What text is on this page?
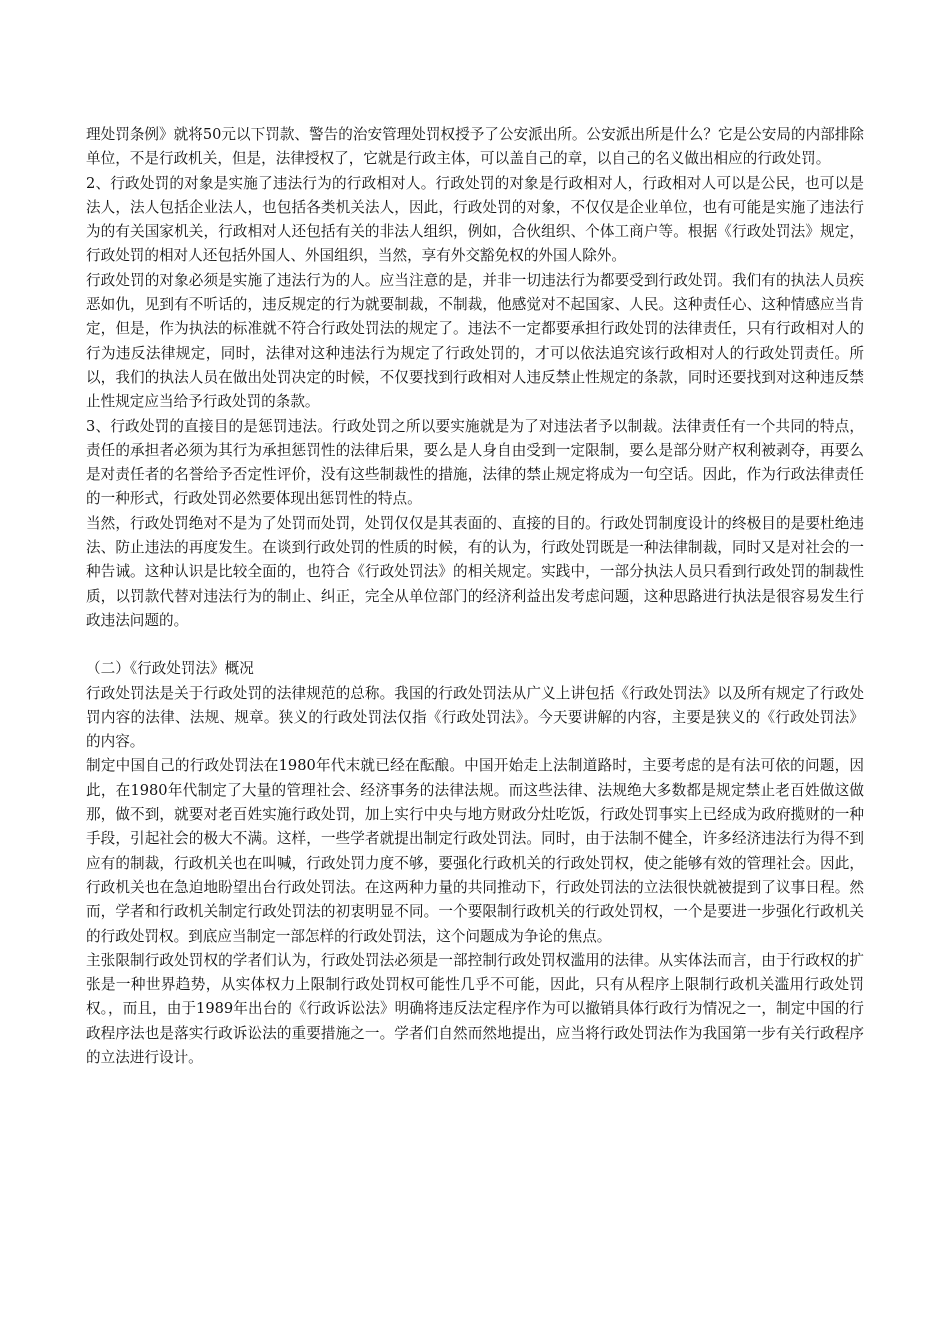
理处罚条例》就将50元以下罚款、警告的治安管理处罚权授予了公安派出所。公安派出所是什么？它是公安局的内部排除单位，不是行政机关，但是，法律授权了，它就是行政主体，可以盖自己的章，以自己的名义做出相应的行政处罚。

2、行政处罚的对象是实施了违法行为的行政相对人。行政处罚的对象是行政相对人，行政相对人可以是公民，也可以是法人，法人包括企业法人，也包括各类机关法人，因此，行政处罚的对象，不仅仅是企业单位，也有可能是实施了违法行为的有关国家机关，行政相对人还包括有关的非法人组织，例如，合伙组织、个体工商户等。根据《行政处罚法》规定，行政处罚的相对人还包括外国人、外国组织，当然，享有外交豁免权的外国人除外。

行政处罚的对象必须是实施了违法行为的人。应当注意的是，并非一切违法行为都要受到行政处罚。我们有的执法人员疾恶如仇，见到有不听话的，违反规定的行为就要制裁，不制裁，他感觉对不起国家、人民。这种责任心、这种情感应当肯定，但是，作为执法的标准就不符合行政处罚法的规定了。违法不一定都要承担行政处罚的法律责任，只有行政相对人的行为违反法律规定，同时，法律对这种违法行为规定了行政处罚的，才可以依法追究该行政相对人的行政处罚责任。所以，我们的执法人员在做出处罚决定的时候，不仅要找到行政相对人违反禁止性规定的条款，同时还要找到对这种违反禁止性规定应当给予行政处罚的条款。

3、行政处罚的直接目的是惩罚违法。行政处罚之所以要实施就是为了对违法者予以制裁。法律责任有一个共同的特点，责任的承担者必须为其行为承担惩罚性的法律后果，要么是人身自由受到一定限制，要么是部分财产权利被剥夺，再要么是对责任者的名誉给予否定性评价，没有这些制裁性的措施，法律的禁止规定将成为一句空话。因此，作为行政法律责任的一种形式，行政处罚必然要体现出惩罚性的特点。

当然，行政处罚绝对不是为了处罚而处罚，处罚仅仅是其表面的、直接的目的。行政处罚制度设计的终极目的是要杜绝违法、防止违法的再度发生。在谈到行政处罚的性质的时候，有的认为，行政处罚既是一种法律制裁，同时又是对社会的一种告诫。这种认识是比较全面的，也符合《行政处罚法》的相关规定。实践中，一部分执法人员只看到行政处罚的制裁性质，以罚款代替对违法行为的制止、纠正，完全从单位部门的经济利益出发考虑问题，这种思路进行执法是很容易发生行政违法问题的。

（二）《行政处罚法》概况

行政处罚法是关于行政处罚的法律规范的总称。我国的行政处罚法从广义上讲包括《行政处罚法》以及所有规定了行政处罚内容的法律、法规、规章。狭义的行政处罚法仅指《行政处罚法》。今天要讲解的内容，主要是狭义的《行政处罚法》的内容。

制定中国自己的行政处罚法在1980年代末就已经在酝酿。中国开始走上法制道路时，主要考虑的是有法可依的问题，因此，在1980年代制定了大量的管理社会、经济事务的法律法规。而这些法律、法规绝大多数都是规定禁止老百姓做这做那，做不到，就要对老百姓实施行政处罚，加上实行中央与地方财政分灶吃饭，行政处罚事实上已经成为政府揽财的一种手段，引起社会的极大不满。这样，一些学者就提出制定行政处罚法。同时，由于法制不健全，许多经济违法行为得不到应有的制裁，行政机关也在叫喊，行政处罚力度不够，要强化行政机关的行政处罚权，使之能够有效的管理社会。因此，行政机关也在急迫地盼望出台行政处罚法。在这两种力量的共同推动下，行政处罚法的立法很快就被提到了议事日程。然而，学者和行政机关制定行政处罚法的初衷明显不同。一个要限制行政机关的行政处罚权，一个是要进一步强化行政机关的行政处罚权。到底应当制定一部怎样的行政处罚法，这个问题成为争论的焦点。

主张限制行政处罚权的学者们认为，行政处罚法必须是一部控制行政处罚权滥用的法律。从实体法而言，由于行政权的扩张是一种世界趋势，从实体权力上限制行政处罚权可能性几乎不可能，因此，只有从程序上限制行政机关滥用行政处罚权。，而且，由于1989年出台的《行政诉讼法》明确将违反法定程序作为可以撤销具体行政行为情况之一，制定中国的行政程序法也是落实行政诉讼法的重要措施之一。学者们自然而然地提出，应当将行政处罚法作为我国第一步有关行政程序的立法进行设计。
